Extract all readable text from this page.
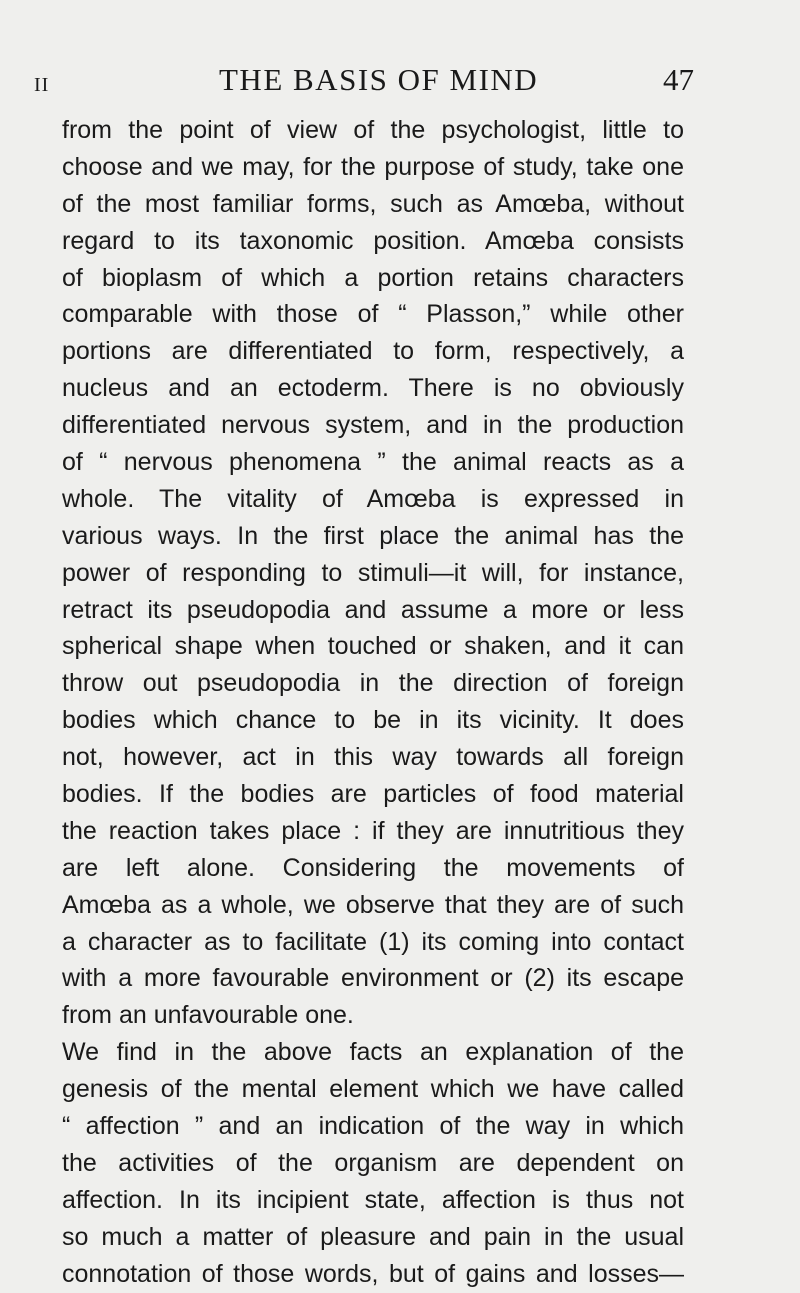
II	THE BASIS OF MIND	47
from the point of view of the psychologist, little to
choose and we may, for the purpose of study, take one
of the most familiar forms, such as Amœba, without
regard to its taxonomic position. Amœba consists
of bioplasm of which a portion retains characters
comparable with those of “ Plasson,” while other
portions are differentiated to form, respectively, a
nucleus and an ectoderm. There is no obviously
differentiated nervous system, and in the production
of “ nervous phenomena ” the animal reacts as a
whole. The vitality of Amœba is expressed in
various ways. In the first place the animal has the
power of responding to stimuli—it will, for instance,
retract its pseudopodia and assume a more or less
spherical shape when touched or shaken, and it can
throw out pseudopodia in the direction of foreign
bodies which chance to be in its vicinity. It does
not, however, act in this way towards all foreign
bodies. If the bodies are particles of food material
the reaction takes place : if they are innutritious they
are left alone. Considering the movements of
Amœba as a whole, we observe that they are of such
a character as to facilitate (1) its coming into contact
with a more favourable environment or (2) its escape
from an unfavourable one.
We find in the above facts an explanation of the
genesis of the mental element which we have called
“ affection ” and an indication of the way in which
the activities of the organism are dependent on
affection. In its incipient state, affection is thus not
so much a matter of pleasure and pain in the usual
connotation of those words, but of gains and losses—
